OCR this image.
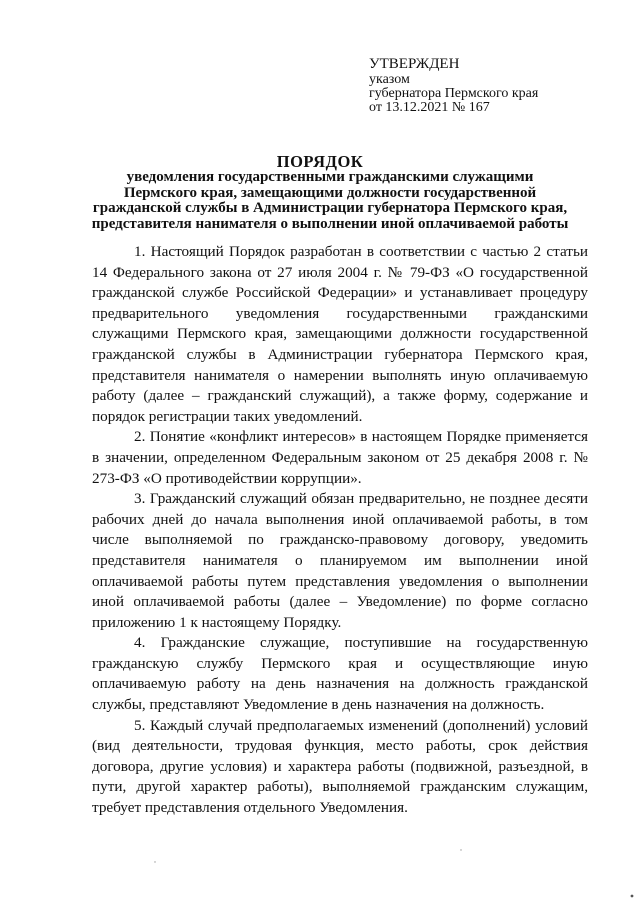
УТВЕРЖДЕН
указом
губернатора Пермского края
от 13.12.2021 № 167
ПОРЯДОК
уведомления государственными гражданскими служащими
Пермского края, замещающими должности государственной
гражданской службы в Администрации губернатора Пермского края,
представителя нанимателя о выполнении иной оплачиваемой работы

1. Настоящий Порядок разработан в соответствии с частью 2 статьи 14 Федерального закона от 27 июля 2004 г. № 79-ФЗ «О государственной гражданской службе Российской Федерации» и устанавливает процедуру предварительного уведомления государственными гражданскими служащими Пермского края, замещающими должности государственной гражданской службы в Администрации губернатора Пермского края, представителя нанимателя о намерении выполнять иную оплачиваемую работу (далее – гражданский служащий), а также форму, содержание и порядок регистрации таких уведомлений.

2. Понятие «конфликт интересов» в настоящем Порядке применяется в значении, определенном Федеральным законом от 25 декабря 2008 г. № 273-ФЗ «О противодействии коррупции».

3. Гражданский служащий обязан предварительно, не позднее десяти рабочих дней до начала выполнения иной оплачиваемой работы, в том числе выполняемой по гражданско-правовому договору, уведомить представителя нанимателя о планируемом им выполнении иной оплачиваемой работы путем представления уведомления о выполнении иной оплачиваемой работы (далее – Уведомление) по форме согласно приложению 1 к настоящему Порядку.

4. Гражданские служащие, поступившие на государственную гражданскую службу Пермского края и осуществляющие иную оплачиваемую работу на день назначения на должность гражданской службы, представляют Уведомление в день назначения на должность.

5. Каждый случай предполагаемых изменений (дополнений) условий (вид деятельности, трудовая функция, место работы, срок действия договора, другие условия) и характера работы (подвижной, разъездной, в пути, другой характер работы), выполняемой гражданским служащим, требует представления отдельного Уведомления.
